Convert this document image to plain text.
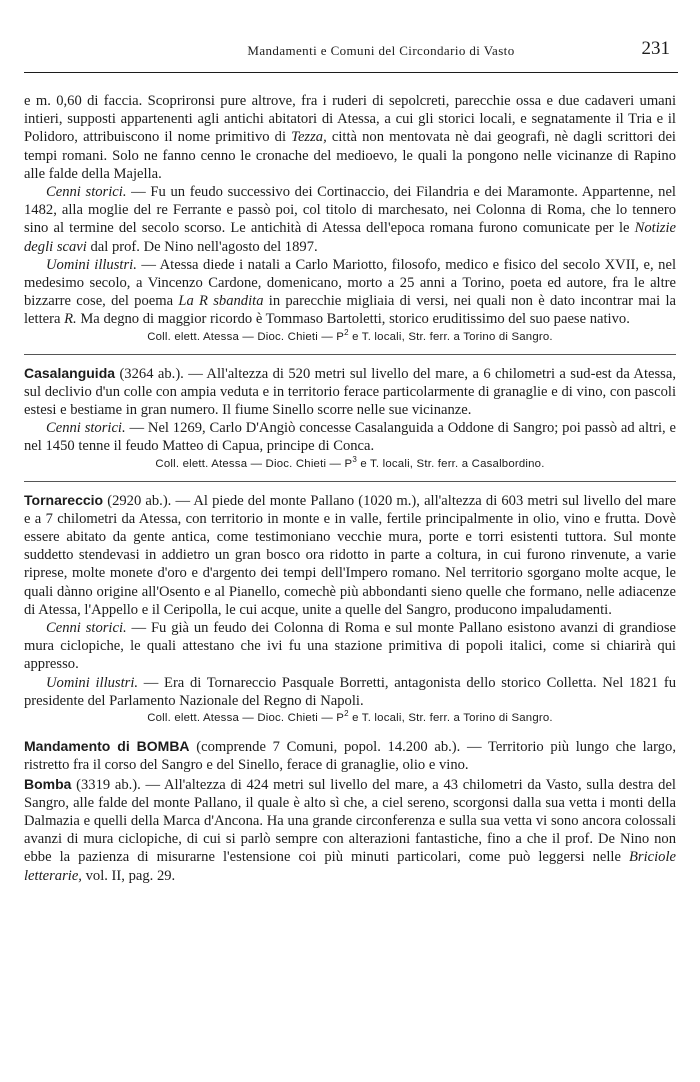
Mandamenti e Comuni del Circondario di Vasto	231

e m. 0,60 di faccia. Scoprironsi pure altrove, fra i ruderi di sepolcreti, parecchie ossa e due cadaveri umani intieri, supposti appartenenti agli antichi abitatori di Atessa, a cui gli storici locali, e segnatamente il Tria e il Polidoro, attribuiscono il nome primitivo di Tezza, città non mentovata nè dai geografi, nè dagli scrittori dei tempi romani. Solo ne fanno cenno le cronache del medioevo, le quali la pongono nelle vicinanze di Rapino alle falde della Majella.

Cenni storici. — Fu un feudo successivo dei Cortinaccio, dei Filandria e dei Maramonte. Appartenne, nel 1482, alla moglie del re Ferrante e passò poi, col titolo di marchesato, nei Colonna di Roma, che lo tennero sino al termine del secolo scorso. Le antichità di Atessa dell'epoca romana furono comunicate per le Notizie degli scavi dal prof. De Nino nell'agosto del 1897.

Uomini illustri. — Atessa diede i natali a Carlo Mariotto, filosofo, medico e fisico del secolo XVII, e, nel medesimo secolo, a Vincenzo Cardone, domenicano, morto a 25 anni a Torino, poeta ed autore, fra le altre bizzarre cose, del poema La R sbandita in parecchie migliaia di versi, nei quali non è dato incontrar mai la lettera R. Ma degno di maggior ricordo è Tommaso Bartoletti, storico eruditissimo del suo paese nativo.

Coll. elett. Atessa — Dioc. Chieti — $P^2$ e T. locali, Str. ferr. a Torino di Sangro.

Casalanguida (3264 ab.). — All'altezza di 520 metri sul livello del mare, a 6 chilometri a sud-est da Atessa, sul declivio d'un colle con ampia veduta e in territorio ferace particolarmente di granaglie e di vino, con pascoli estesi e bestiame in gran numero. Il fiume Sinello scorre nelle sue vicinanze.

Cenni storici. — Nel 1269, Carlo D'Angiò concesse Casalanguida a Oddone di Sangro; poi passò ad altri, e nel 1450 tenne il feudo Matteo di Capua, principe di Conca.

Coll. elett. Atessa — Dioc. Chieti — $P^3$ e T. locali, Str. ferr. a Casalbordino.

Tornareccio (2920 ab.). — Al piede del monte Pallano (1020 m.), all'altezza di 603 metri sul livello del mare e a 7 chilometri da Atessa, con territorio in monte e in valle, fertile principalmente in olio, vino e frutta. Dovè essere abitato da gente antica, come testimoniano vecchie mura, porte e torri esistenti tuttora. Sul monte suddetto stendevasi in addietro un gran bosco ora ridotto in parte a coltura, in cui furono rinvenute, a varie riprese, molte monete d'oro e d'argento dei tempi dell'Impero romano. Nel territorio sgorgano molte acque, le quali dànno origine all'Osento e al Pianello, comechè più abbondanti sieno quelle che formano, nelle adiacenze di Atessa, l'Appello e il Ceripolla, le cui acque, unite a quelle del Sangro, producono impaludamenti.

Cenni storici. — Fu già un feudo dei Colonna di Roma e sul monte Pallano esistono avanzi di grandiose mura ciclopiche, le quali attestano che ivi fu una stazione primitiva di popoli italici, come si chiarirà qui appresso.

Uomini illustri. — Era di Tornareccio Pasquale Borretti, antagonista dello storico Colletta. Nel 1821 fu presidente del Parlamento Nazionale del Regno di Napoli.

Coll. elett. Atessa — Dioc. Chieti — $P^2$ e T. locali, Str. ferr. a Torino di Sangro.

Mandamento di BOMBA (comprende 7 Comuni, popol. 14.200 ab.). — Territorio più lungo che largo, ristretto fra il corso del Sangro e del Sinello, ferace di granaglie, olio e vino.

Bomba (3319 ab.). — All'altezza di 424 metri sul livello del mare, a 43 chilometri da Vasto, sulla destra del Sangro, alle falde del monte Pallano, il quale è alto sì che, a ciel sereno, scorgonsi dalla sua vetta i monti della Dalmazia e quelli della Marca d'Ancona. Ha una grande circonferenza e sulla sua vetta vi sono ancora colossali avanzi di mura ciclopiche, di cui si parlò sempre con alterazioni fantastiche, fino a che il prof. De Nino non ebbe la pazienza di misurarne l'estensione coi più minuti particolari, come può leggersi nelle Briciole letterarie, vol. II, pag. 29.
